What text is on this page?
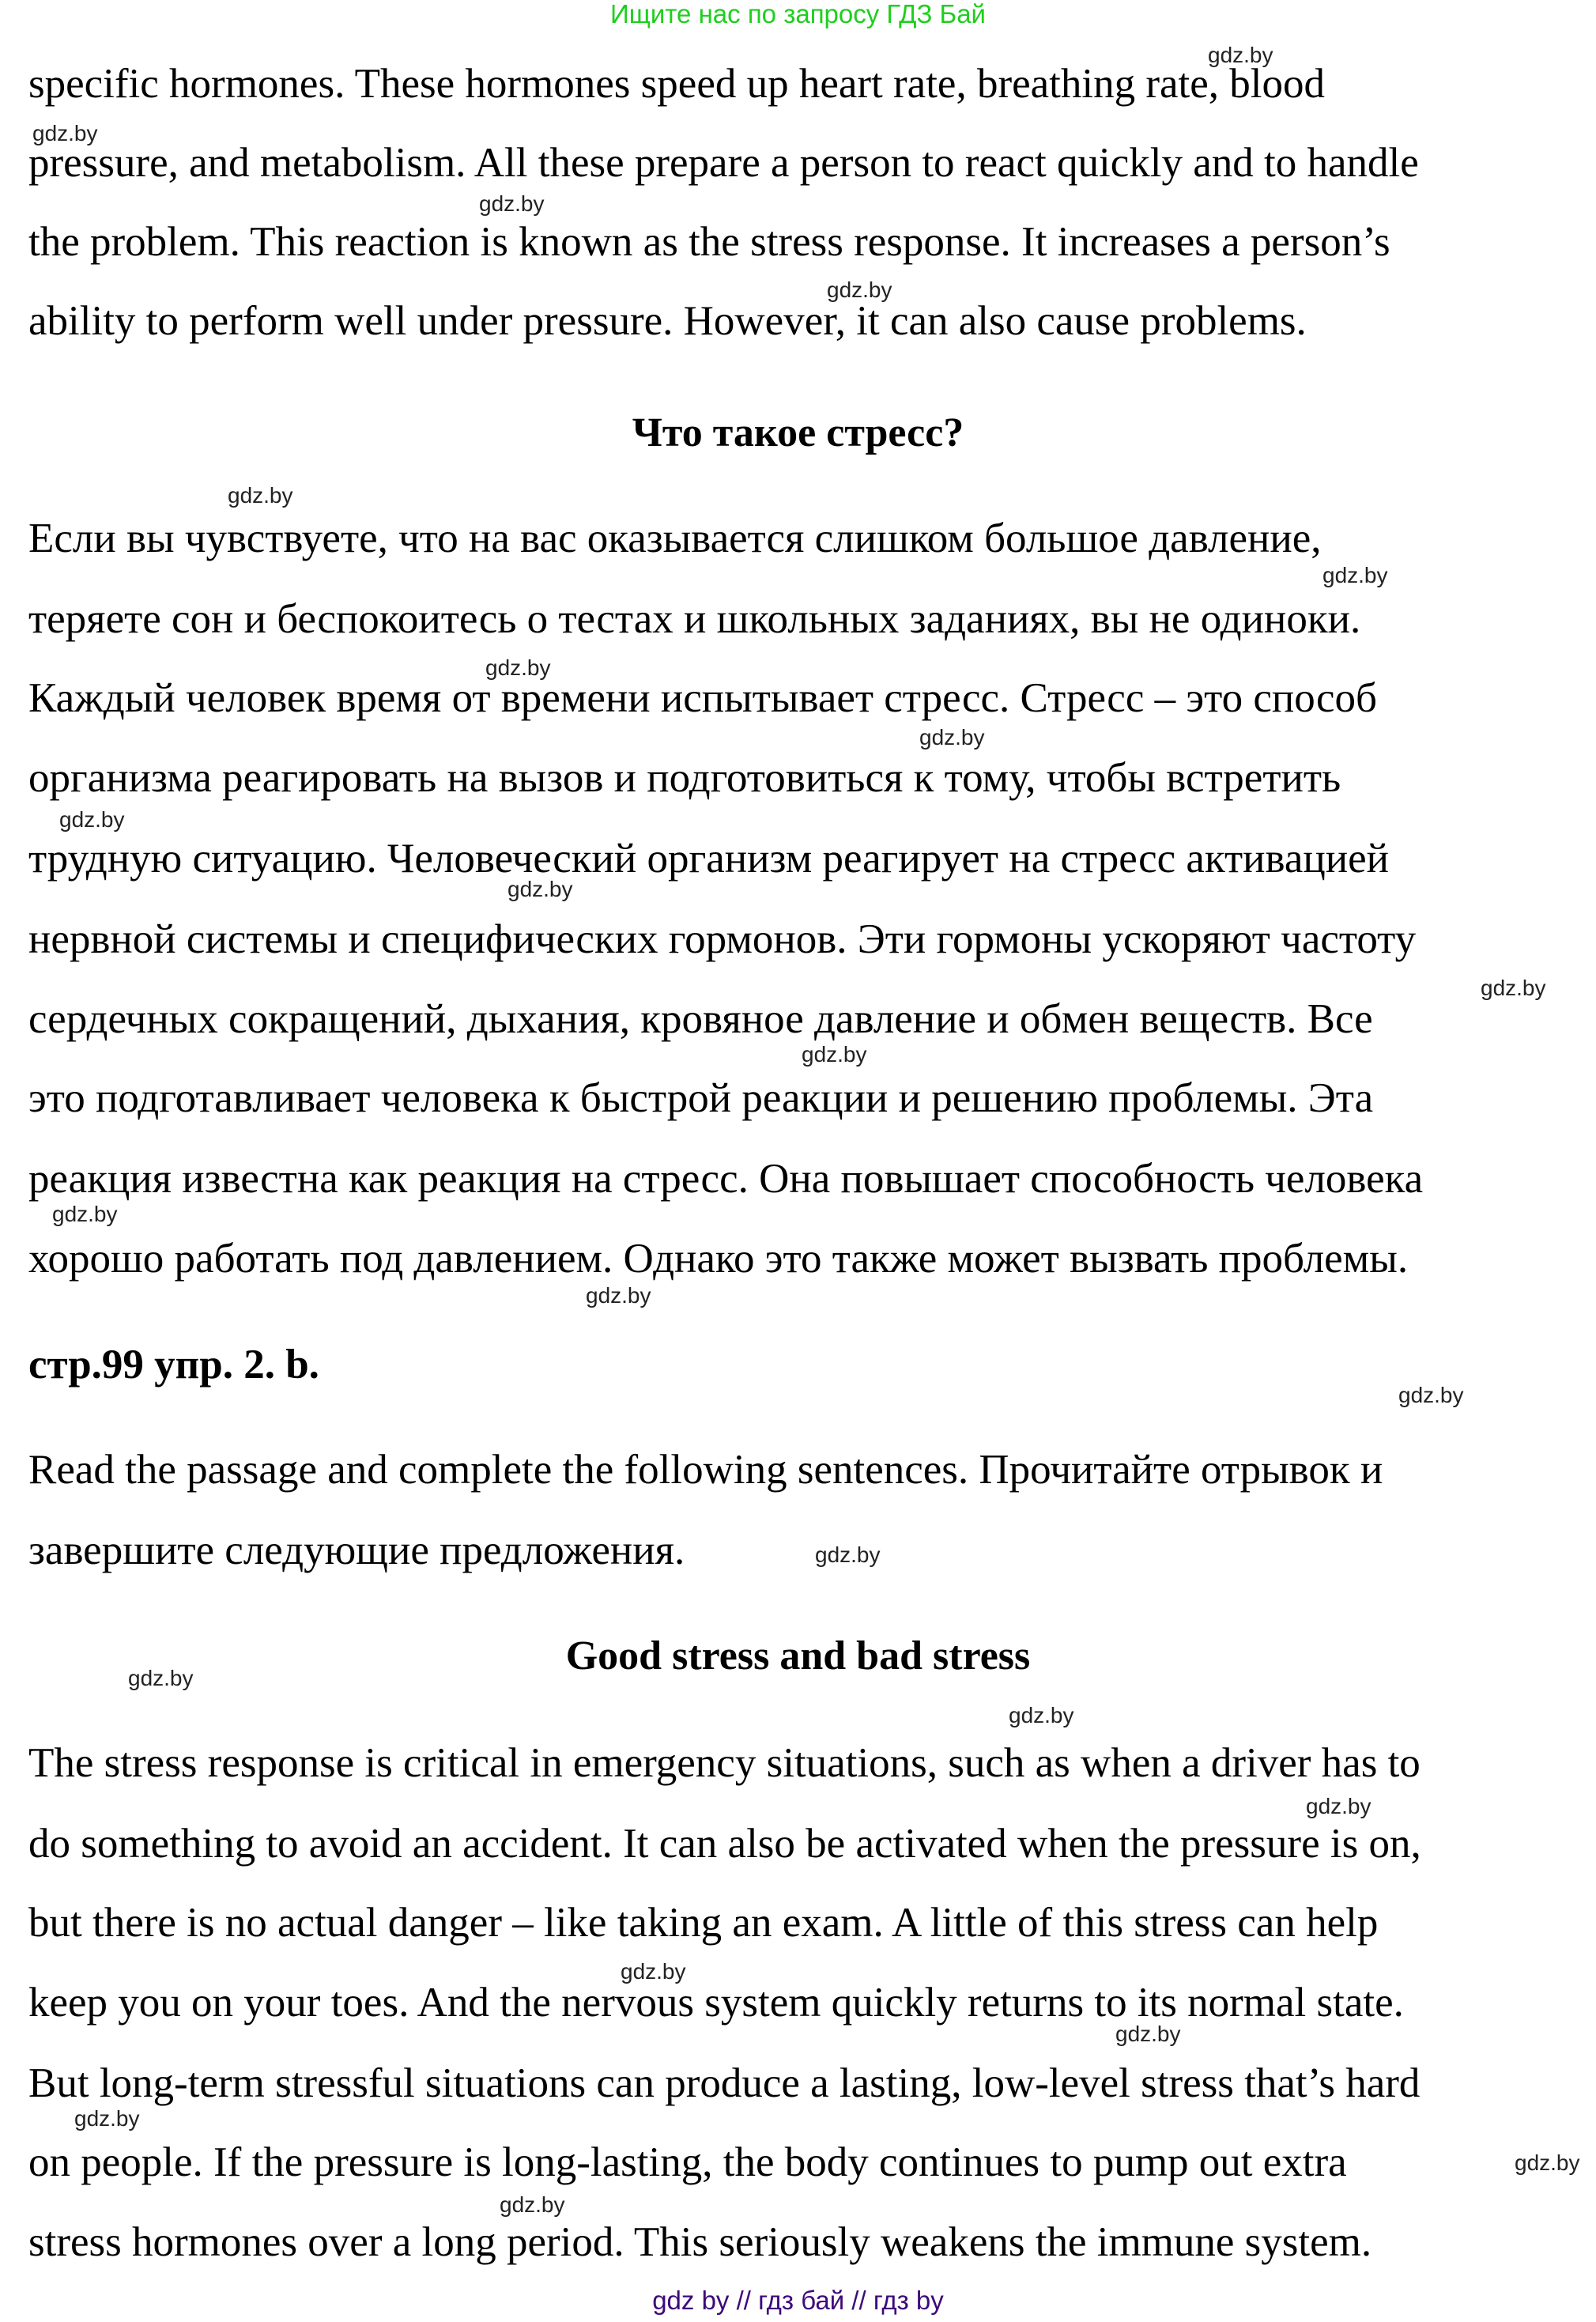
Ищите нас по запросу ГДЗ Бай
specific hormones. These hormones speed up heart rate, breathing rate, blood
pressure, and metabolism. All these prepare a person to react quickly and to handle
the problem. This reaction is known as the stress response. It increases a person’s
ability to perform well under pressure. However, it can also cause problems.
Что такое стресс?
Если вы чувствуете, что на вас оказывается слишком большое давление,
теряете сон и беспокоитесь о тестах и школьных заданиях, вы не одиноки.
Каждый человек время от времени испытывает стресс. Стресс – это способ
организма реагировать на вызов и подготовиться к тому, чтобы встретить
трудную ситуацию. Человеческий организм реагирует на стресс активацией
нервной системы и специфических гормонов. Эти гормоны ускоряют частоту
сердечных сокращений, дыхания, кровяное давление и обмен веществ. Все
это подготавливает человека к быстрой реакции и решению проблемы. Эта
реакция известна как реакция на стресс. Она повышает способность человека
хорошо работать под давлением. Однако это также может вызвать проблемы.
стр.99 упр. 2. b.
Read the passage and complete the following sentences. Прочитайте отрывок и
завершите следующие предложения.
Good stress and bad stress
The stress response is critical in emergency situations, such as when a driver has to
do something to avoid an accident. It can also be activated when the pressure is on,
but there is no actual danger – like taking an exam. A little of this stress can help
keep you on your toes. And the nervous system quickly returns to its normal state.
But long-term stressful situations can produce a lasting, low-level stress that’s hard
on people. If the pressure is long-lasting, the body continues to pump out extra
stress hormones over a long period. This seriously weakens the immune system.
gdz.by
gdz.by
gdz.by
gdz.by
gdz.by
gdz.by
gdz.by
gdz.by
gdz.by
gdz.by
gdz.by
gdz.by
gdz.by
gdz.by
gdz.by
gdz.by
gdz.by
gdz.by
gdz.by
gdz.by
gdz.by
gdz.by
gdz.by
gdz.by
gdz by // гдз бай // гдз by
